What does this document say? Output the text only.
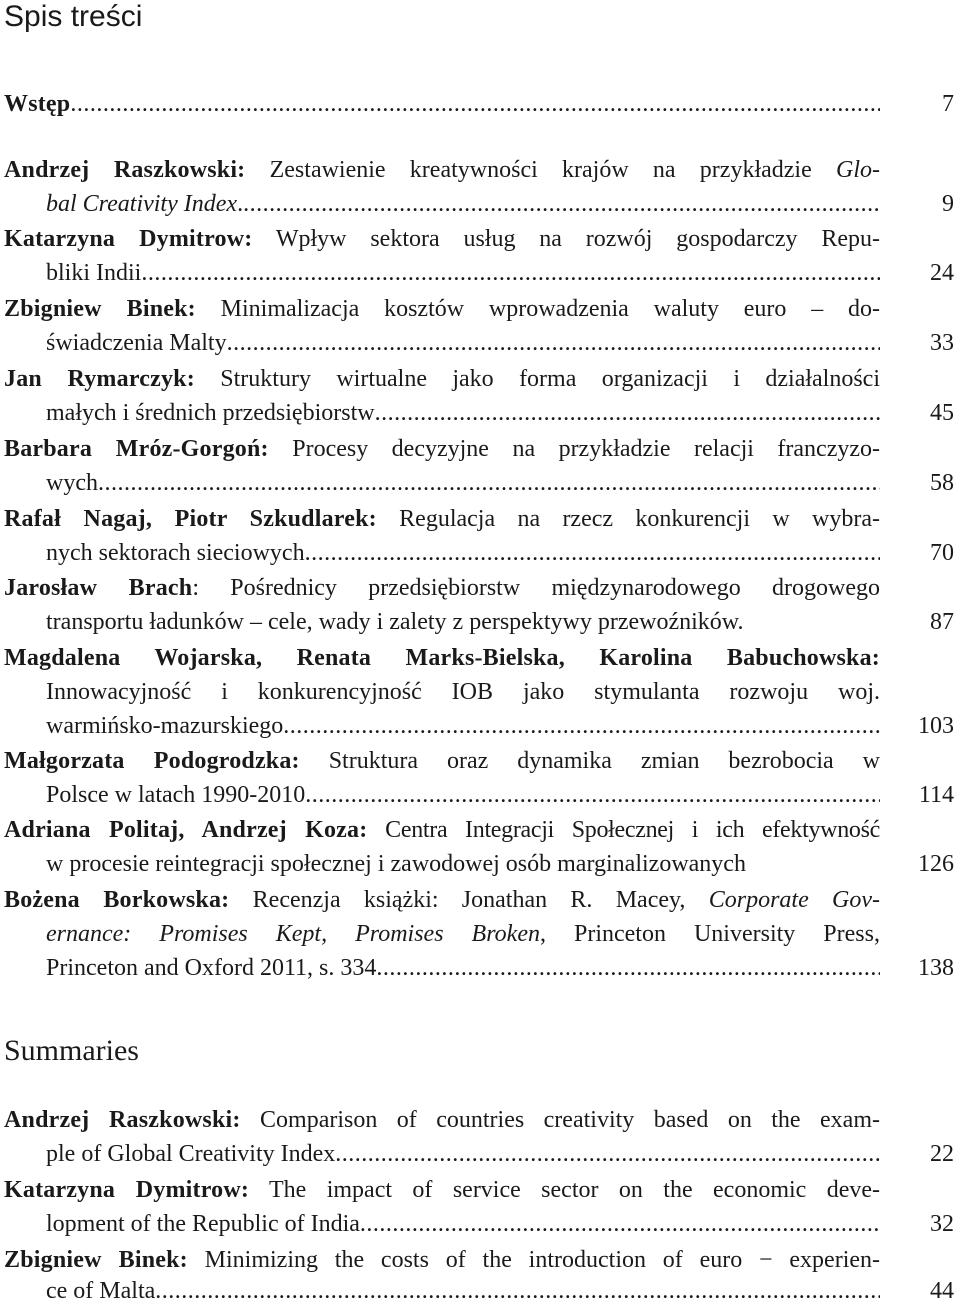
Spis treści
Wstęp .....	7
Andrzej Raszkowski: Zestawienie kreatywności krajów na przykładzie Glo-
bal Creativity Index . .....	9
Katarzyna Dymitrow: Wpływ sektora usług na rozwój gospodarczy Repu-
bliki Indii .....	24
Zbigniew Binek: Minimalizacja kosztów wprowadzenia waluty euro – do-
świadczenia Malty .....	33
Jan Rymarczyk: Struktury wirtualne jako forma organizacji i działalności
małych i średnich przedsiębiorstw .....	45
Barbara Mróz-Gorgoń: Procesy decyzyjne na przykładzie relacji franczyzo-
wych .....	58
Rafał Nagaj, Piotr Szkudlarek: Regulacja na rzecz konkurencji w wybra-
nych sektorach sieciowych .....	70
Jarosław Brach: Pośrednicy przedsiębiorstw międzynarodowego drogowego
transportu ładunków – cele, wady i zalety z perspektywy przewoźników.	87
Magdalena Wojarska, Renata Marks-Bielska, Karolina Babuchowska:
Innowacyjność i konkurencyjność IOB jako stymulanta rozwoju woj.
warmińsko-mazurskiego .....	103
Małgorzata Podogrodzka: Struktura oraz dynamika zmian bezrobocia w
Polsce w latach 1990-2010 .....	114
Adriana Politaj, Andrzej Koza: Centra Integracji Społecznej i ich efektywność
w procesie reintegracji społecznej i zawodowej osób marginalizowanych	126
Bożena Borkowska: Recenzja książki: Jonathan R. Macey, Corporate Gov-
ernance: Promises Kept, Promises Broken, Princeton University Press,
Princeton and Oxford 2011, s. 334 .....	138
Summaries
Andrzej Raszkowski: Comparison of countries creativity based on the exam-
ple of Global Creativity Index .....	22
Katarzyna Dymitrow: The impact of service sector on the economic deve-
lopment of the Republic of India .....	32
Zbigniew Binek: Minimizing the costs of the introduction of euro − experien-
ce of Malta .....	44
